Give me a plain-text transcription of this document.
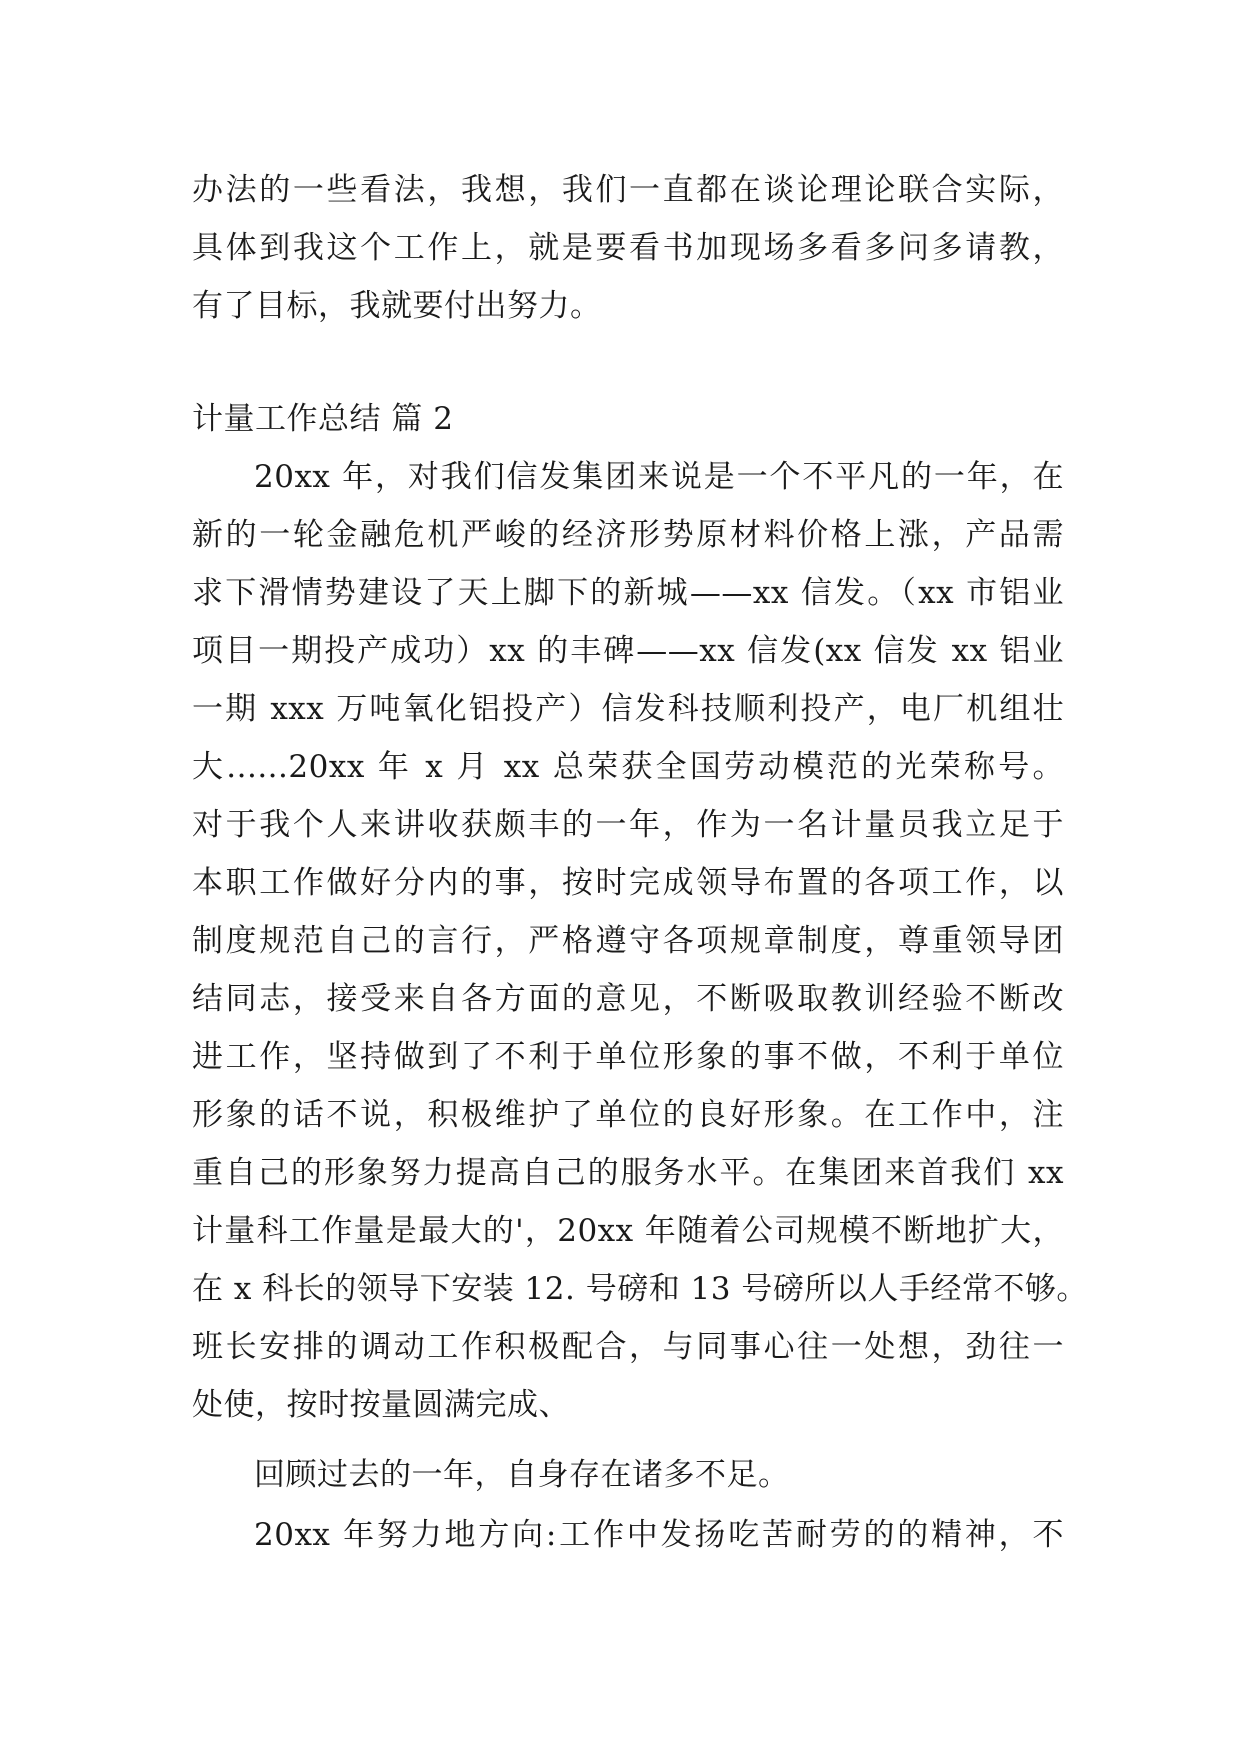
办法的一些看法，我想，我们一直都在谈论理论联合实际，
具体到我这个工作上，就是要看书加现场多看多问多请教，
有了目标，我就要付出努力。
计量工作总结 篇 2
20xx 年，对我们信发集团来说是一个不平凡的一年，在
新的一轮金融危机严峻的经济形势原材料价格上涨，产品需
求下滑情势建设了天上脚下的新城——xx 信发。（xx 市铝业
项目一期投产成功）xx 的丰碑——xx 信发(xx 信发 xx 铝业
一期 xxx 万吨氧化铝投产）信发科技顺利投产，电厂机组壮
大......20xx 年 x 月 xx 总荣获全国劳动模范的光荣称号。
对于我个人来讲收获颇丰的一年，作为一名计量员我立足于
本职工作做好分内的事，按时完成领导布置的各项工作，以
制度规范自己的言行，严格遵守各项规章制度，尊重领导团
结同志，接受来自各方面的意见，不断吸取教训经验不断改
进工作，坚持做到了不利于单位形象的事不做，不利于单位
形象的话不说，积极维护了单位的良好形象。在工作中，注
重自己的形象努力提高自己的服务水平。在集团来首我们 xx
计量科工作量是最大的'，20xx 年随着公司规模不断地扩大，
在 x 科长的领导下安装 12. 号磅和 13 号磅所以人手经常不够。
班长安排的调动工作积极配合，与同事心往一处想，劲往一
处使，按时按量圆满完成、
回顾过去的一年，自身存在诸多不足。
20xx 年努力地方向:工作中发扬吃苦耐劳的的精神，不
